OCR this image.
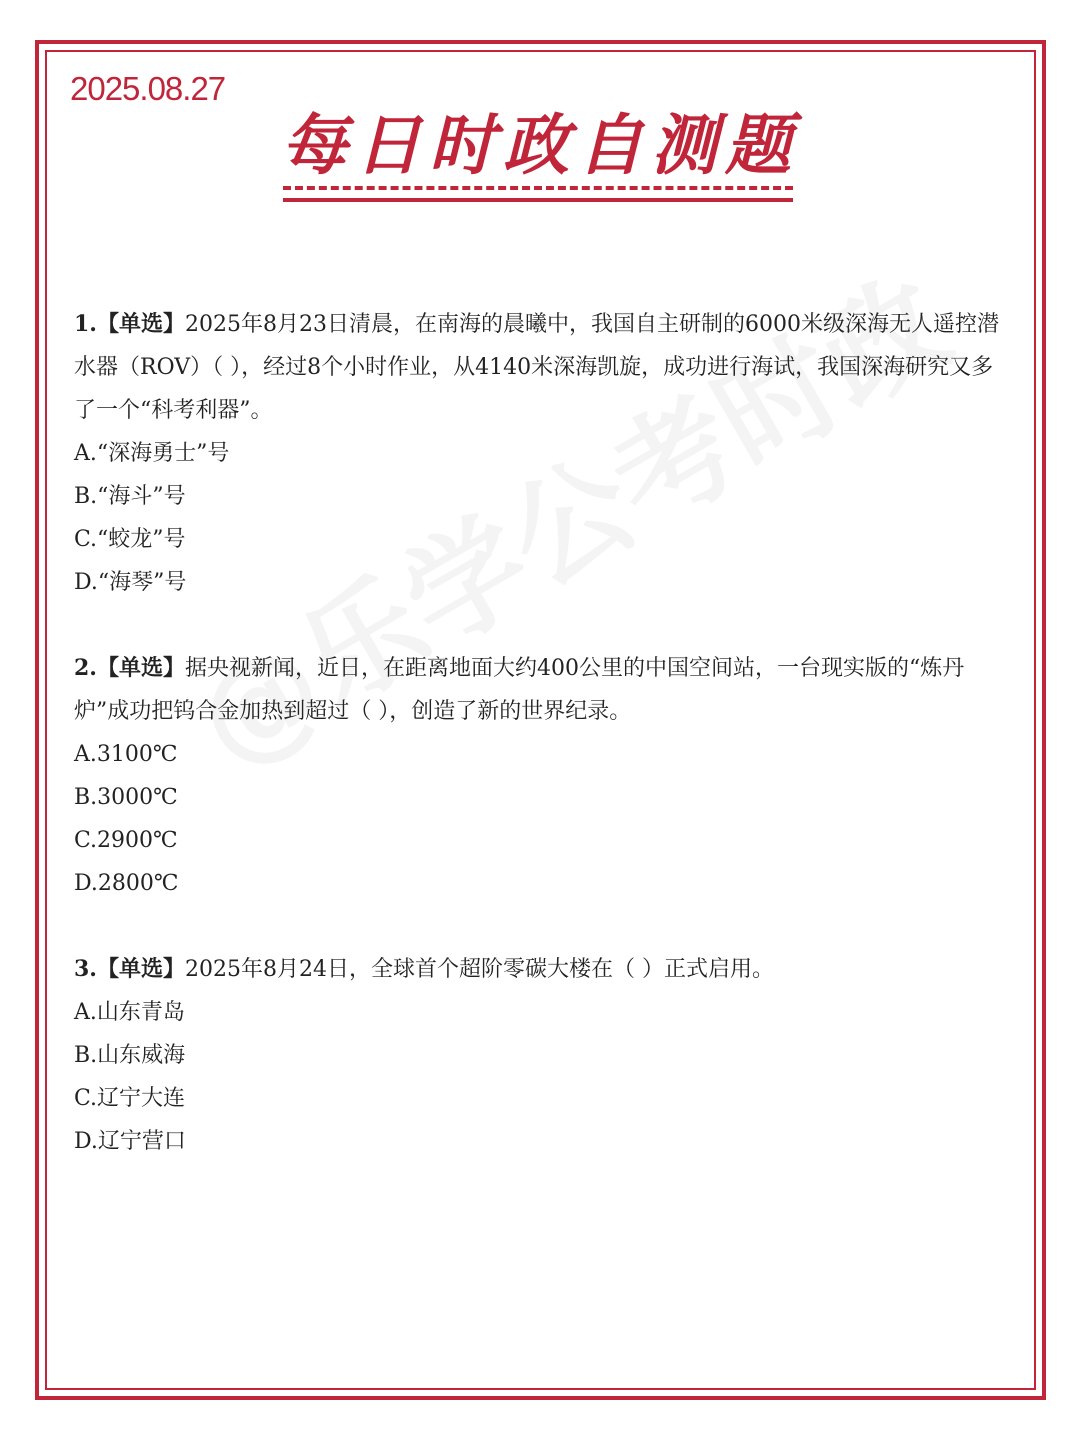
2025.08.27
每日时政自测题

1.【单选】2025年8月23日清晨，在南海的晨曦中，我国自主研制的6000米级深海无人遥控潜水器（ROV）（ ），经过8个小时作业，从4140米深海凯旋，成功进行海试，我国深海研究又多了一个“科考利器”。

A.“深海勇士”号
B.“海斗”号
C.“蛟龙”号
D.“海琴”号

2.【单选】据央视新闻，近日，在距离地面大约400公里的中国空间站，一台现实版的“炼丹炉”成功把钨合金加热到超过（ ），创造了新的世界纪录。

A.3100℃
B.3000℃
C.2900℃
D.2800℃

3.【单选】2025年8月24日，全球首个超阶零碳大楼在（ ）正式启用。

A.山东青岛
B.山东威海
C.辽宁大连
D.辽宁营口
